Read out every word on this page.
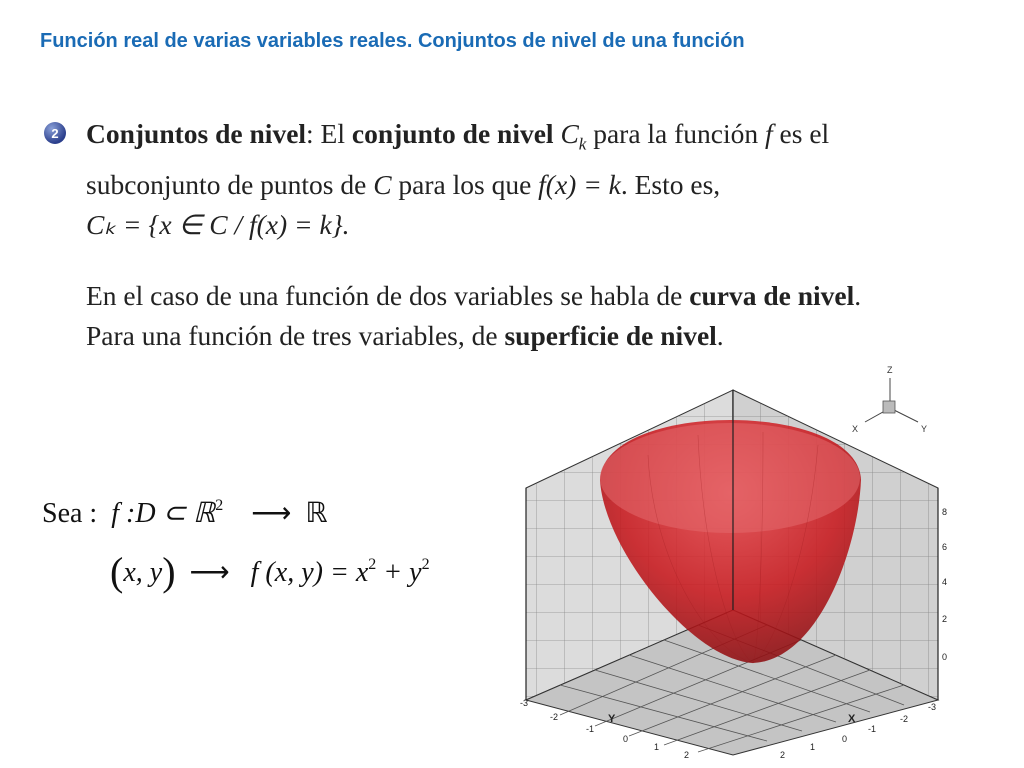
Función real de varias variables reales. Conjuntos de nivel de una función
2 Conjuntos de nivel: El conjunto de nivel $C_k$ para la función f es el
subconjunto de puntos de C para los que f(x) = k. Esto es,
Cₖ = {x ∈ C / f(x) = k}.
En el caso de una función de dos variables se habla de curva de nivel.
Para una función de tres variables, de superficie de nivel.
Sea : f :D ⊂ ℝ$^2$ ⟶ ℝ
(x, y) ⟶ f (x, $y) = x^2 + y^2$
8
6
4
2
0
-3
-2
-1
0
1
2
-3
-2
-1
0
1
2
X
Y
Z
X	Y
